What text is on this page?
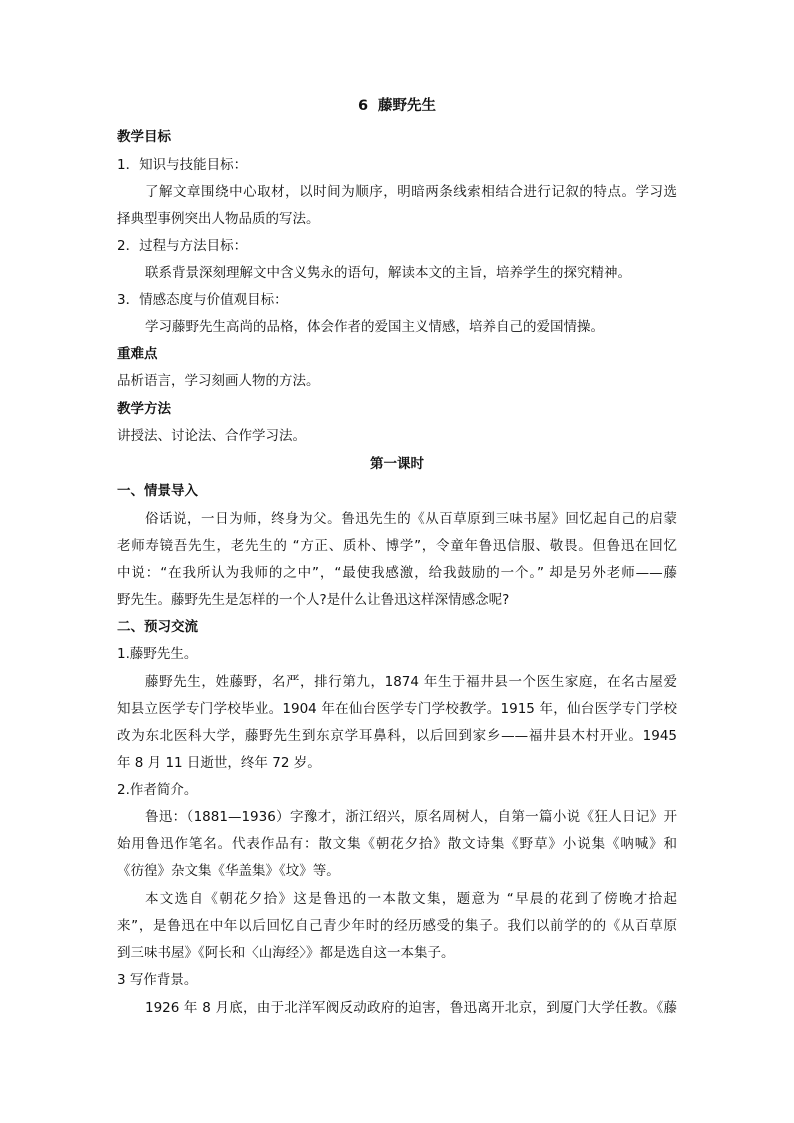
6 藤野先生
教学目标
1．知识与技能目标：
了解文章围绕中心取材，以时间为顺序，明暗两条线索相结合进行记叙的特点。学习选
择典型事例突出人物品质的写法。
2．过程与方法目标：
联系背景深刻理解文中含义隽永的语句，解读本文的主旨，培养学生的探究精神。
3．情感态度与价值观目标：
学习藤野先生高尚的品格，体会作者的爱国主义情感，培养自己的爱国情操。
重难点
品析语言，学习刻画人物的方法。
教学方法
讲授法、讨论法、合作学习法。
第一课时
一、情景导入
俗话说，一日为师，终身为父。鲁迅先生的《从百草原到三味书屋》回忆起自己的启蒙
老师寿镜吾先生，老先生的 “方正、质朴、博学”，令童年鲁迅信服、敬畏。但鲁迅在回忆
中说：“在我所认为我师的之中”，“最使我感激，给我鼓励的一个。” 却是另外老师——藤
野先生。藤野先生是怎样的一个人?是什么让鲁迅这样深情感念呢?
二、预习交流
1.藤野先生。
藤野先生，姓藤野，名严，排行第九，1874 年生于福井县一个医生家庭，在名古屋爱
知县立医学专门学校毕业。1904 年在仙台医学专门学校教学。1915 年，仙台医学专门学校
改为东北医科大学，藤野先生到东京学耳鼻科，以后回到家乡——福井县木村开业。1945
年 8 月 11 日逝世，终年 72 岁。
2.作者简介。
鲁迅：（1881—1936）字豫才，浙江绍兴，原名周树人，自第一篇小说《狂人日记》开
始用鲁迅作笔名。代表作品有：散文集《朝花夕拾》散文诗集《野草》小说集《呐喊》和
《彷徨》杂文集《华盖集》《坟》等。
本文选自《朝花夕拾》这是鲁迅的一本散文集，题意为 “早晨的花到了傍晚才拾起
来”，是鲁迅在中年以后回忆自己青少年时的经历感受的集子。我们以前学的的《从百草原
到三味书屋》《阿长和〈山海经〉》都是选自这一本集子。
3 写作背景。
1926 年 8 月底，由于北洋军阀反动政府的迫害，鲁迅离开北京，到厦门大学任教。《藤
